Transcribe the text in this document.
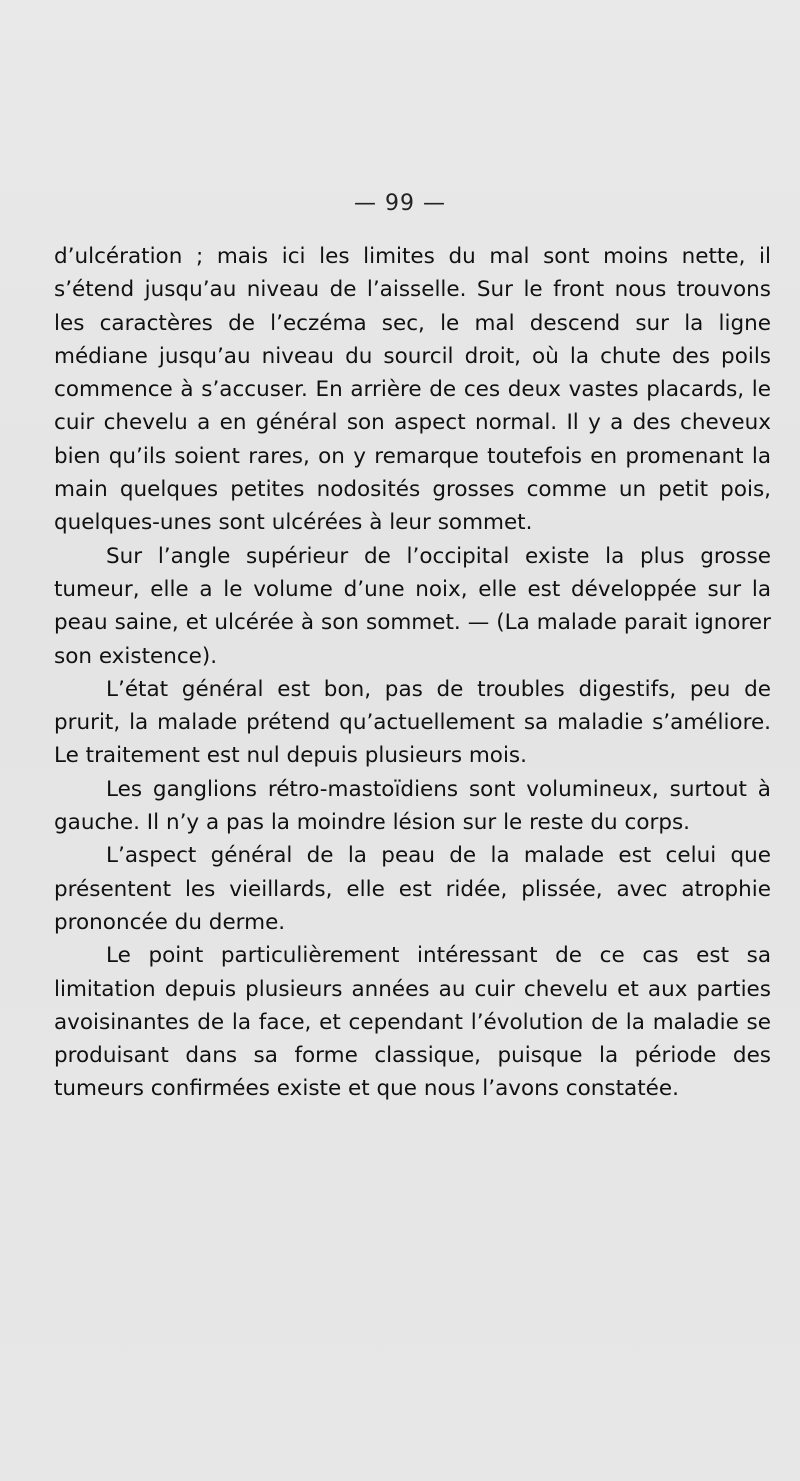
— 99 —

d’ulcération ; mais ici les limites du mal sont moins nette, il s’étend jusqu’au niveau de l’aisselle. Sur le front nous trouvons les caractères de l’eczéma sec, le mal descend sur la ligne médiane jusqu’au niveau du sourcil droit, où la chute des poils commence à s’accuser. En arrière de ces deux vastes placards, le cuir chevelu a en général son aspect normal. Il y a des cheveux bien qu’ils soient rares, on y remarque toutefois en promenant la main quelques petites nodosités grosses comme un petit pois, quelques-unes sont ulcérées à leur sommet.

Sur l’angle supérieur de l’occipital existe la plus grosse tumeur, elle a le volume d’une noix, elle est développée sur la peau saine, et ulcérée à son sommet. — (La malade parait ignorer son existence).

L’état général est bon, pas de troubles digestifs, peu de prurit, la malade prétend qu’actuellement sa maladie s’améliore. Le traitement est nul depuis plusieurs mois.

Les ganglions rétro-mastoïdiens sont volumineux, surtout à gauche. Il n’y a pas la moindre lésion sur le reste du corps.

L’aspect général de la peau de la malade est celui que présentent les vieillards, elle est ridée, plissée, avec atrophie prononcée du derme.

Le point particulièrement intéressant de ce cas est sa limitation depuis plusieurs années au cuir chevelu et aux parties avoisinantes de la face, et cependant l’évolution de la maladie se produisant dans sa forme classique, puisque la période des tumeurs confirmées existe et que nous l’avons constatée.
